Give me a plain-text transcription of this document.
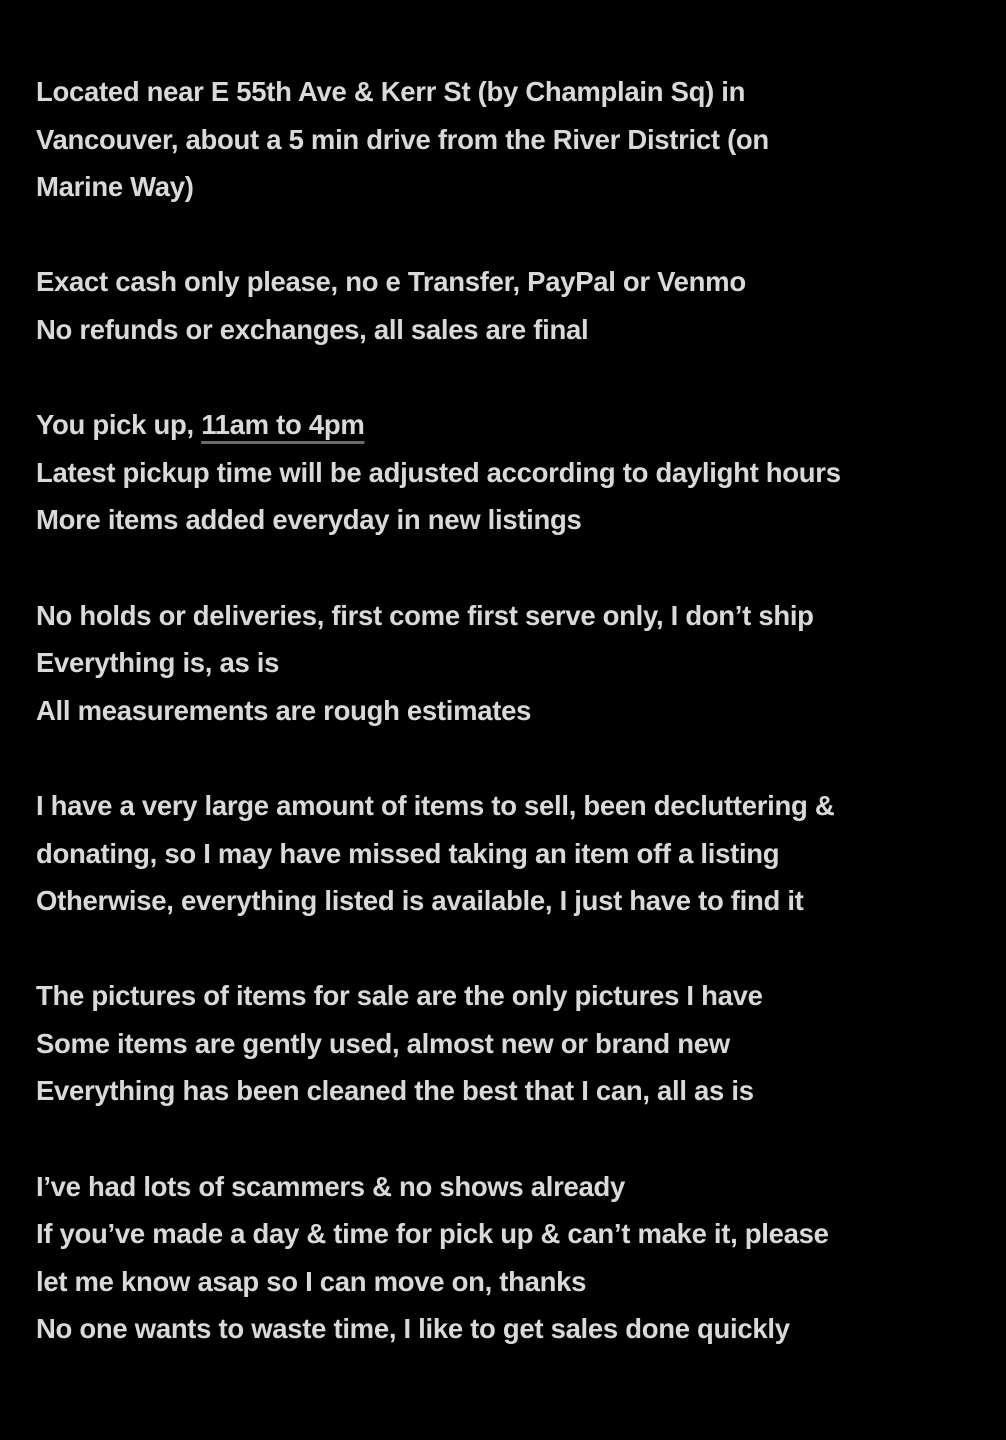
Located near E 55th Ave & Kerr St (by Champlain Sq) in
Vancouver, about a 5 min drive from the River District (on
Marine Way)
Exact cash only please, no e Transfer, PayPal or Venmo
No refunds or exchanges, all sales are final
You pick up, 11am to 4pm
Latest pickup time will be adjusted according to daylight hours
More items added everyday in new listings
No holds or deliveries, first come first serve only, I don’t ship
Everything is, as is
All measurements are rough estimates
I have a very large amount of items to sell, been decluttering &
donating, so I may have missed taking an item off a listing
Otherwise, everything listed is available, I just have to find it
The pictures of items for sale are the only pictures I have
Some items are gently used, almost new or brand new
Everything has been cleaned the best that I can, all as is
I’ve had lots of scammers & no shows already
If you’ve made a day & time for pick up & can’t make it, please
let me know asap so I can move on, thanks
No one wants to waste time, I like to get sales done quickly
